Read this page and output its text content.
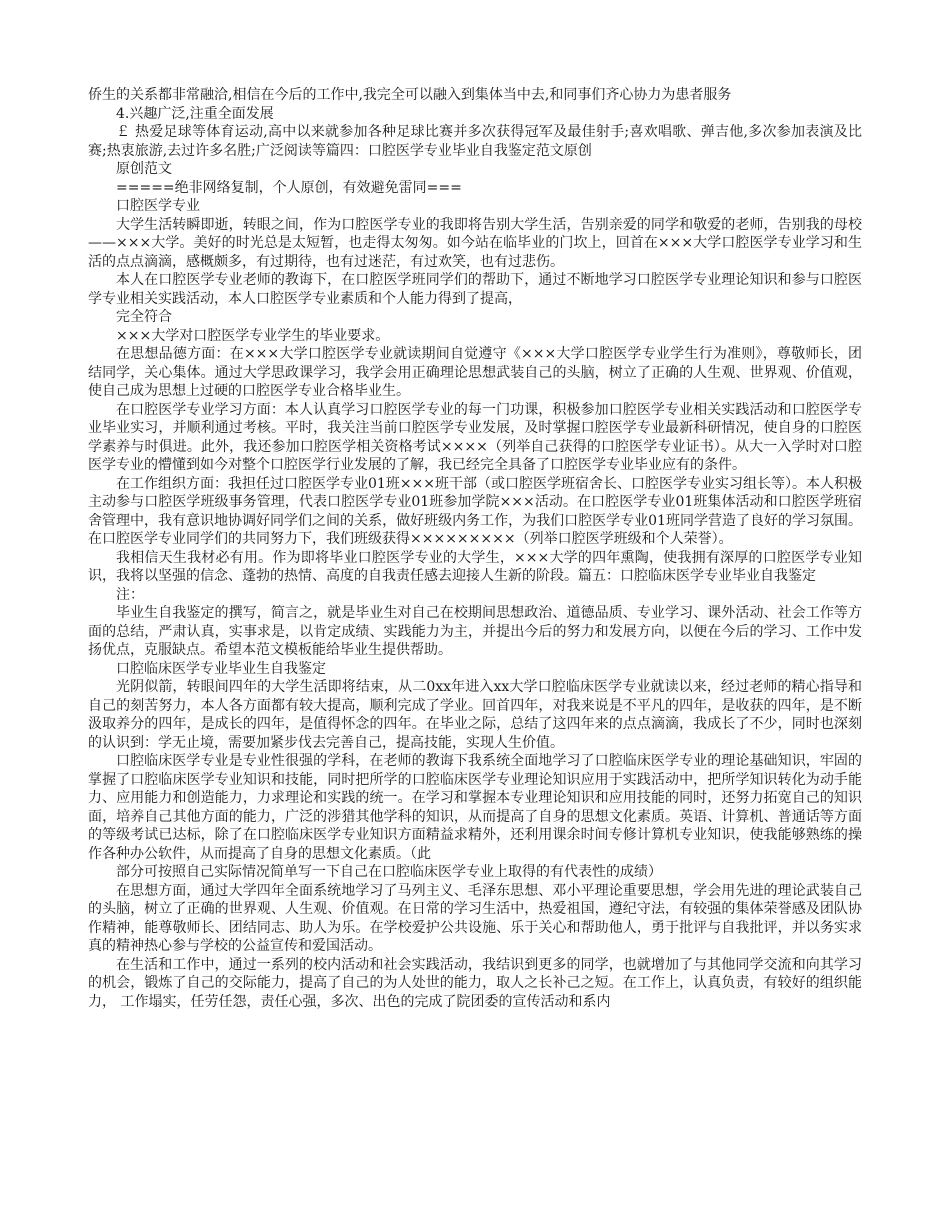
侨生的关系都非常融洽,相信在今后的工作中,我完全可以融入到集体当中去,和同事们齐心协力为患者服务

4.兴趣广泛,注重全面发展

￡ 热爱足球等体育运动,高中以来就参加各种足球比赛并多次获得冠军及最佳射手;喜欢唱歌、弹吉他,多次参加表演及比赛;热衷旅游,去过许多名胜;广泛阅读等篇四：口腔医学专业毕业自我鉴定范文原创

原创范文

=====绝非网络复制，个人原创，有效避免雷同===

口腔医学专业

大学生活转瞬即逝，转眼之间，作为口腔医学专业的我即将告别大学生活，告别亲爱的同学和敬爱的老师，告别我的母校——×××大学。美好的时光总是太短暂，也走得太匆匆。如今站在临毕业的门坎上，回首在×××大学口腔医学专业学习和生活的点点滴滴，感概颇多，有过期待，也有过迷茫，有过欢笑，也有过悲伤。

本人在口腔医学专业老师的教诲下，在口腔医学班同学们的帮助下，通过不断地学习口腔医学专业理论知识和参与口腔医学专业相关实践活动，本人口腔医学专业素质和个人能力得到了提高，

完全符合

×××大学对口腔医学专业学生的毕业要求。

在思想品德方面：在×××大学口腔医学专业就读期间自觉遵守《×××大学口腔医学专业学生行为准则》，尊敬师长，团结同学，关心集体。通过大学思政课学习，我学会用正确理论思想武装自己的头脑，树立了正确的人生观、世界观、价值观，使自己成为思想上过硬的口腔医学专业合格毕业生。

在口腔医学专业学习方面：本人认真学习口腔医学专业的每一门功课，积极参加口腔医学专业相关实践活动和口腔医学专业毕业实习，并顺利通过考核。平时，我关注当前口腔医学专业发展，及时掌握口腔医学专业最新科研情况，使自身的口腔医学素养与时俱进。此外，我还参加口腔医学相关资格考试××××（列举自己获得的口腔医学专业证书）。从大一入学时对口腔医学专业的懵懂到如今对整个口腔医学行业发展的了解，我已经完全具备了口腔医学专业毕业应有的条件。

在工作组织方面：我担任过口腔医学专业01班×××班干部（或口腔医学班宿舍长、口腔医学专业实习组长等）。本人积极主动参与口腔医学班级事务管理，代表口腔医学专业01班参加学院×××活动。在口腔医学专业01班集体活动和口腔医学班宿舍管理中，我有意识地协调好同学们之间的关系，做好班级内务工作，为我们口腔医学专业01班同学营造了良好的学习氛围。在口腔医学专业同学们的共同努力下，我们班级获得×××××××××（列举口腔医学班级和个人荣誉）。

我相信天生我材必有用。作为即将毕业口腔医学专业的大学生，×××大学的四年熏陶，使我拥有深厚的口腔医学专业知识，我将以坚强的信念、蓬勃的热情、高度的自我责任感去迎接人生新的阶段。篇五：口腔临床医学专业毕业自我鉴定

注：

毕业生自我鉴定的撰写，简言之，就是毕业生对自己在校期间思想政治、道德品质、专业学习、课外活动、社会工作等方面的总结，严肃认真，实事求是，以肯定成绩、实践能力为主，并提出今后的努力和发展方向，以便在今后的学习、工作中发扬优点，克服缺点。希望本范文模板能给毕业生提供帮助。

口腔临床医学专业毕业生自我鉴定

光阴似箭，转眼间四年的大学生活即将结束，从二0xx年进入xx大学口腔临床医学专业就读以来，经过老师的精心指导和自己的刻苦努力，本人各方面都有较大提高，顺利完成了学业。回首四年，对我来说是不平凡的四年，是收获的四年，是不断汲取养分的四年，是成长的四年，是值得怀念的四年。在毕业之际，总结了这四年来的点点滴滴，我成长了不少，同时也深刻的认识到：学无止境，需要加紧步伐去完善自己，提高技能，实现人生价值。

口腔临床医学专业是专业性很强的学科，在老师的教诲下我系统全面地学习了口腔临床医学专业的理论基础知识，牢固的掌握了口腔临床医学专业知识和技能，同时把所学的口腔临床医学专业理论知识应用于实践活动中，把所学知识转化为动手能力、应用能力和创造能力，力求理论和实践的统一。在学习和掌握本专业理论知识和应用技能的同时，还努力拓宽自己的知识面，培养自己其他方面的能力，广泛的涉猎其他学科的知识，从而提高了自身的思想文化素质。英语、计算机、普通话等方面的等级考试已达标，除了在口腔临床医学专业知识方面精益求精外，还利用课余时间专修计算机专业知识，使我能够熟练的操作各种办公软件，从而提高了自身的思想文化素质。（此

部分可按照自己实际情况简单写一下自己在口腔临床医学专业上取得的有代表性的成绩）

在思想方面，通过大学四年全面系统地学习了马列主义、毛泽东思想、邓小平理论重要思想，学会用先进的理论武装自己的头脑，树立了正确的世界观、人生观、价值观。在日常的学习生活中，热爱祖国，遵纪守法，有较强的集体荣誉感及团队协作精神，能尊敬师长、团结同志、助人为乐。在学校爱护公共设施、乐于关心和帮助他人，勇于批评与自我批评，并以务实求真的精神热心参与学校的公益宣传和爱国活动。

在生活和工作中，通过一系列的校内活动和社会实践活动，我结识到更多的同学，也就增加了与其他同学交流和向其学习的机会，锻炼了自己的交际能力，提高了自己的为人处世的能力，取人之长补己之短。在工作上，认真负责，有较好的组织能力， 工作塌实，任劳任怨，责任心强，多次、出色的完成了院团委的宣传活动和系内
